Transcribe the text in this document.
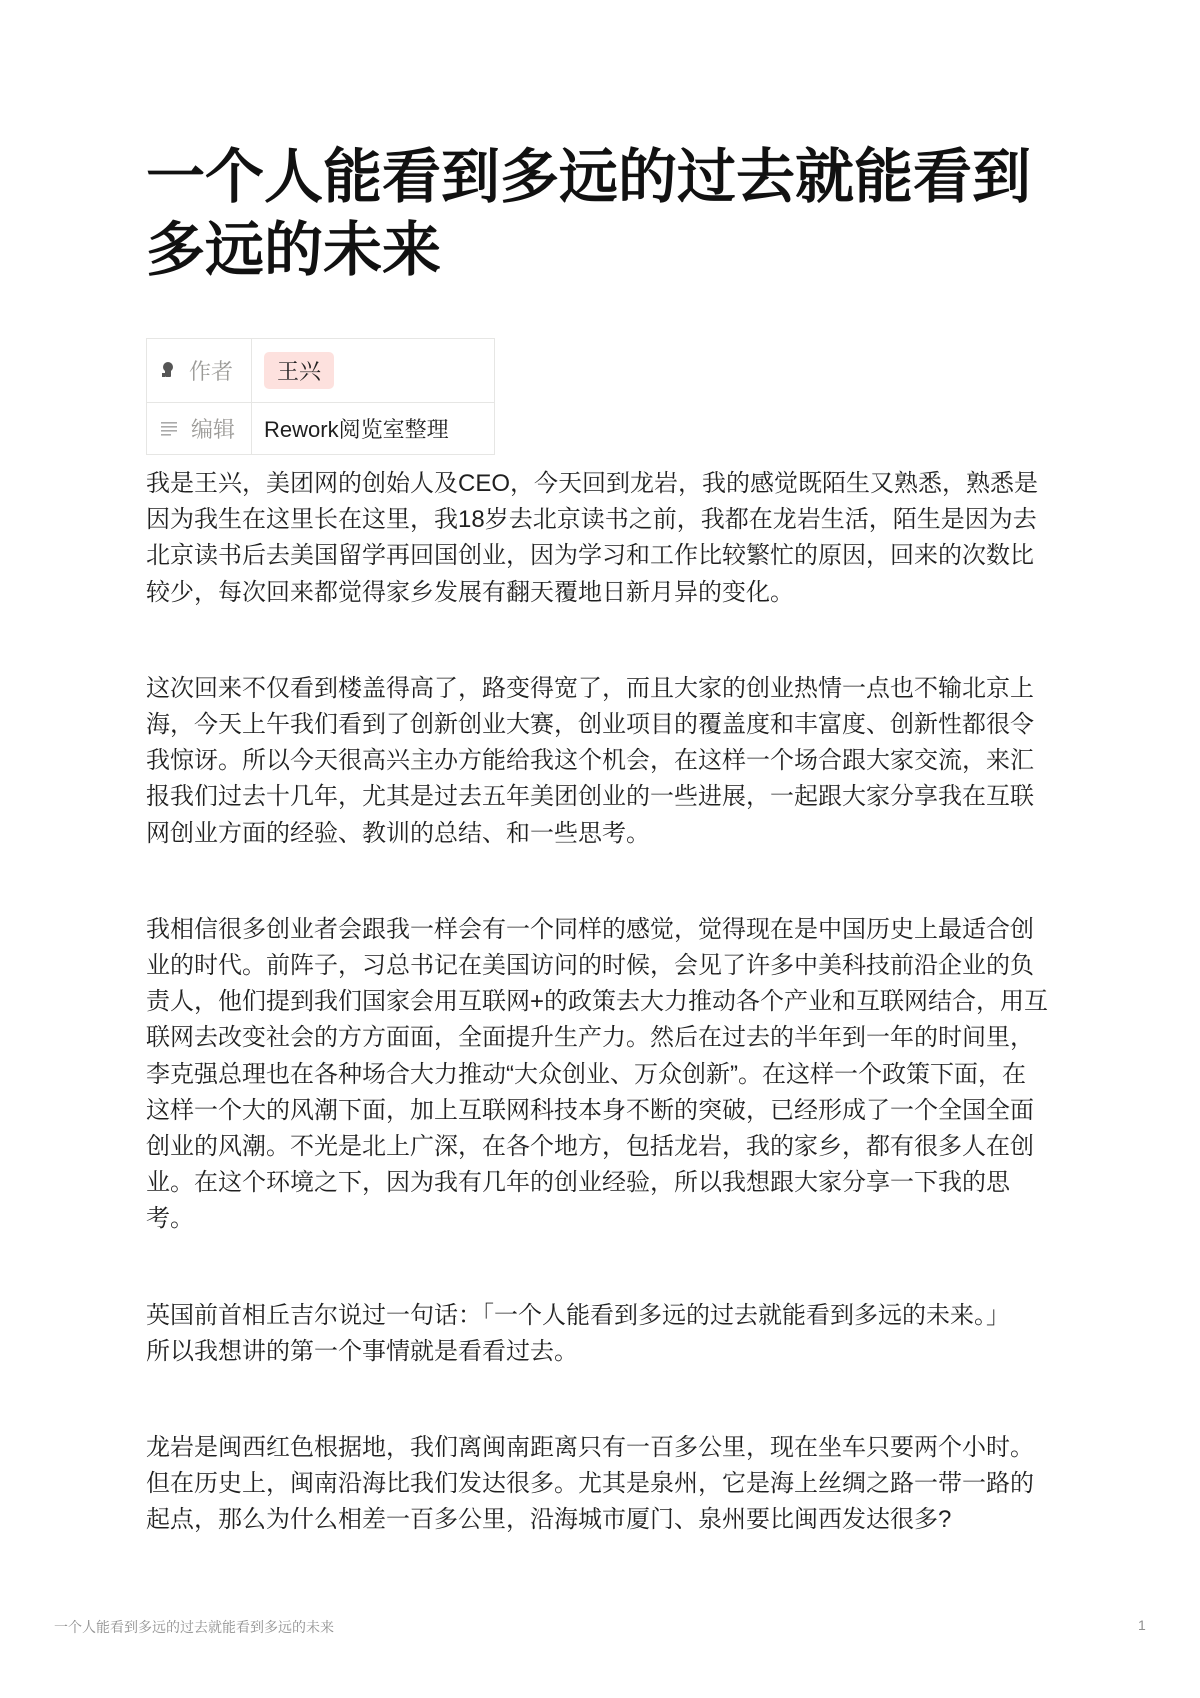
一个人能看到多远的过去就能看到
多远的未来
作者	王兴

编辑	Rework阅览室整理

我是王兴，美团网的创始人及CEO，今天回到龙岩，我的感觉既陌生又熟悉，熟悉是
因为我生在这里长在这里，我18岁去北京读书之前，我都在龙岩生活，陌生是因为去
北京读书后去美国留学再回国创业，因为学习和工作比较繁忙的原因，回来的次数比
较少，每次回来都觉得家乡发展有翻天覆地日新月异的变化。

这次回来不仅看到楼盖得高了，路变得宽了，而且大家的创业热情一点也不输北京上
海，今天上午我们看到了创新创业大赛，创业项目的覆盖度和丰富度、创新性都很令
我惊讶。所以今天很高兴主办方能给我这个机会，在这样一个场合跟大家交流，来汇
报我们过去十几年，尤其是过去五年美团创业的一些进展，一起跟大家分享我在互联
网创业方面的经验、教训的总结、和一些思考。

我相信很多创业者会跟我一样会有一个同样的感觉，觉得现在是中国历史上最适合创
业的时代。前阵子，习总书记在美国访问的时候，会见了许多中美科技前沿企业的负
责人，他们提到我们国家会用互联网+的政策去大力推动各个产业和互联网结合，用互
联网去改变社会的方方面面，全面提升生产力。然后在过去的半年到一年的时间里，
李克强总理也在各种场合大力推动“大众创业、万众创新”。在这样一个政策下面，在
这样一个大的风潮下面，加上互联网科技本身不断的突破，已经形成了一个全国全面
创业的风潮。不光是北上广深，在各个地方，包括龙岩，我的家乡，都有很多人在创
业。在这个环境之下，因为我有几年的创业经验，所以我想跟大家分享一下我的思
考。

英国前首相丘吉尔说过一句话：「一个人能看到多远的过去就能看到多远的未来。」
所以我想讲的第一个事情就是看看过去。

龙岩是闽西红色根据地，我们离闽南距离只有一百多公里，现在坐车只要两个小时。
但在历史上，闽南沿海比我们发达很多。尤其是泉州，它是海上丝绸之路一带一路的
起点，那么为什么相差一百多公里，沿海城市厦门、泉州要比闽西发达很多?

一个人能看到多远的过去就能看到多远的未来	1
